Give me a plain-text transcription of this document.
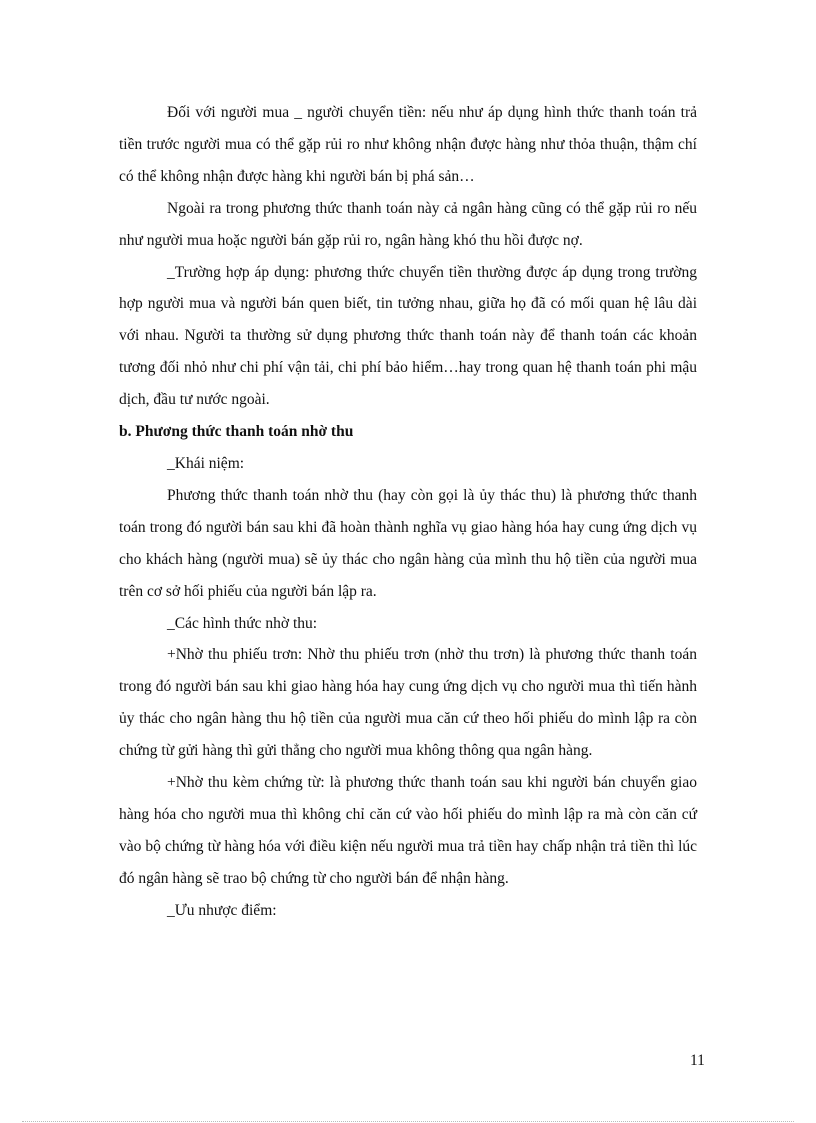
Đối với người mua _ người chuyển tiền: nếu như áp dụng hình thức thanh toán trả tiền trước người mua có thể gặp rủi ro như không nhận được hàng như thỏa thuận, thậm chí có thể không nhận được hàng khi người bán bị phá sản…

Ngoài ra trong phương thức thanh toán này cả ngân hàng cũng có thể gặp rủi ro nếu như người mua hoặc người bán gặp rủi ro, ngân hàng khó thu hồi được nợ.

_Trường hợp áp dụng: phương thức chuyển tiền thường được áp dụng trong trường hợp người mua và người bán quen biết, tin tưởng nhau, giữa họ đã có mối quan hệ lâu dài với nhau. Người ta thường sử dụng phương thức thanh toán này để thanh toán các khoản tương đối nhỏ như chi phí vận tải, chi phí bảo hiểm…hay trong quan hệ thanh toán phi mậu dịch, đầu tư nước ngoài.

b. Phương thức thanh toán nhờ thu

_Khái niệm:

Phương thức thanh toán nhờ thu (hay còn gọi là ủy thác thu) là phương thức thanh toán trong đó người bán sau khi đã hoàn thành nghĩa vụ giao hàng hóa hay cung ứng dịch vụ cho khách hàng (người mua) sẽ ủy thác cho ngân hàng của mình thu hộ tiền của người mua trên cơ sở hối phiếu của người bán lập ra.

_Các hình thức nhờ thu:

+Nhờ thu phiếu trơn: Nhờ thu phiếu trơn (nhờ thu trơn) là phương thức thanh toán trong đó người bán sau khi giao hàng hóa hay cung ứng dịch vụ cho người mua thì tiến hành ủy thác cho ngân hàng thu hộ tiền của người mua căn cứ theo hối phiếu do mình lập ra còn chứng từ gửi hàng thì gửi thẳng cho người mua không thông qua ngân hàng.

+Nhờ thu kèm chứng từ: là phương thức thanh toán sau khi người bán chuyển giao hàng hóa cho người mua thì không chỉ căn cứ vào hối phiếu do mình lập ra mà còn căn cứ vào bộ chứng từ hàng hóa với điều kiện nếu người mua trả tiền hay chấp nhận trả tiền thì lúc đó ngân hàng sẽ trao bộ chứng từ cho người bán để nhận hàng.

_Ưu nhược điểm:

11
